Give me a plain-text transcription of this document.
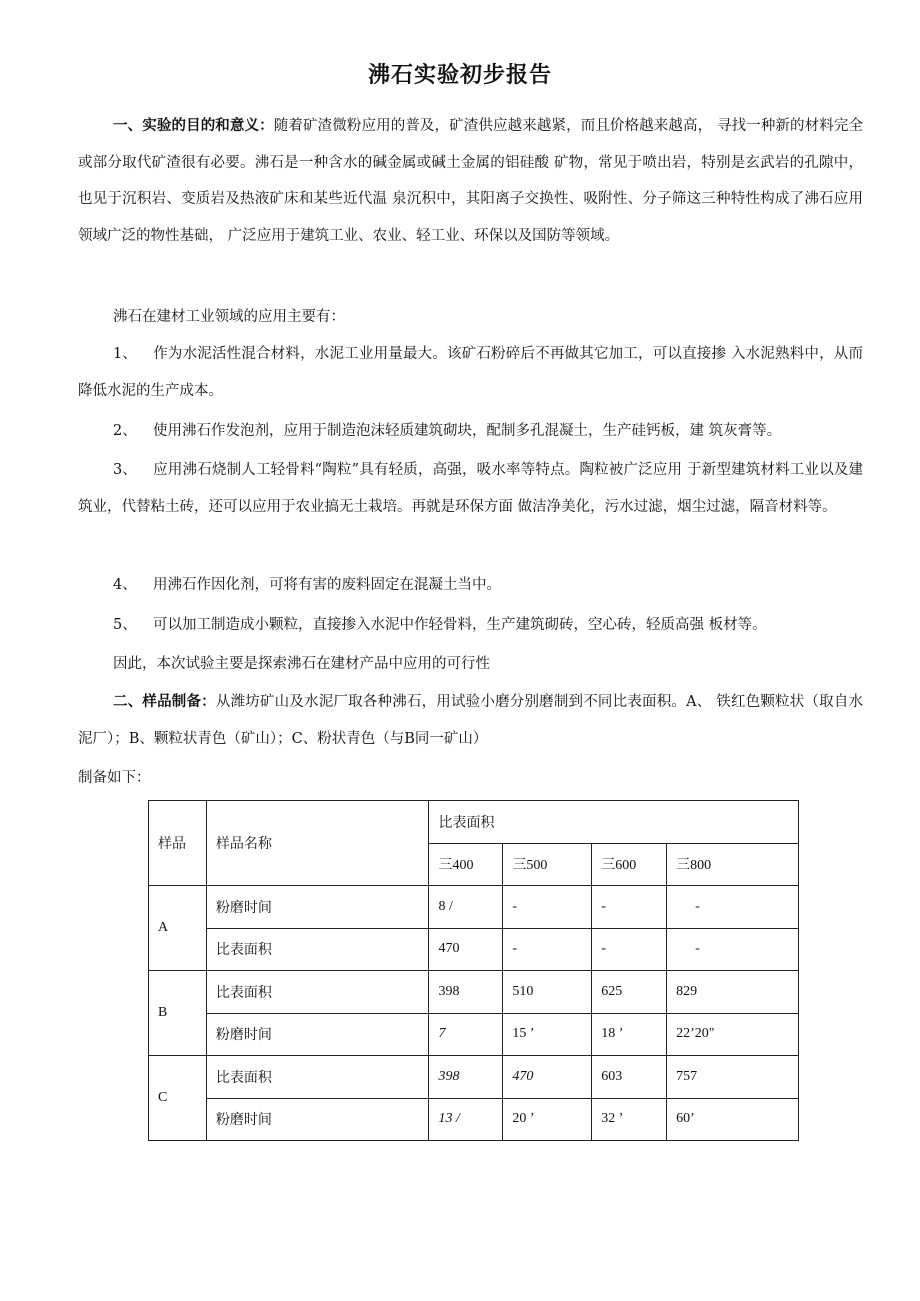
沸石实验初步报告
一、实验的目的和意义：随着矿渣微粉应用的普及，矿渣供应越来越紧，而且价格越来越高， 寻找一种新的材料完全或部分取代矿渣很有必要。沸石是一种含水的碱金属或碱土金属的铝硅酸 矿物，常见于喷出岩，特别是玄武岩的孔隙中，也见于沉积岩、变质岩及热液矿床和某些近代温 泉沉积中，其阳离子交换性、吸附性、分子筛这三种特性构成了沸石应用领域广泛的物性基础， 广泛应用于建筑工业、农业、轻工业、环保以及国防等领域。
沸石在建材工业领域的应用主要有：
1、 作为水泥活性混合材料，水泥工业用量最大。该矿石粉碎后不再做其它加工，可以直接掺 入水泥熟料中，从而降低水泥的生产成本。
2、 使用沸石作发泡剂，应用于制造泡沫轻质建筑砌块，配制多孔混凝土，生产硅钙板，建 筑灰膏等。
3、 应用沸石烧制人工轻骨料“陶粒”具有轻质，高强，吸水率等特点。陶粒被广泛应用 于新型建筑材料工业以及建筑业，代替粘土砖，还可以应用于农业搞无土栽培。再就是环保方面 做洁净美化，污水过滤，烟尘过滤，隔音材料等。
4、 用沸石作因化剂，可将有害的废料固定在混凝土当中。
5、 可以加工制造成小颗粒，直接掺入水泥中作轻骨料，生产建筑砌砖，空心砖，轻质高强 板材等。
因此，本次试验主要是探索沸石在建材产品中应用的可行性
二、样品制备：从潍坊矿山及水泥厂取各种沸石，用试验小磨分别磨制到不同比表面积。A、 铁红色颗粒状（取自水泥厂）；B、颗粒状青色（矿山）；C、粉状青色（与B同一矿山）
制备如下：
样品	样品名称	比表面积			
		三400	三500	三600	三800
A	粉磨时间	8 /	-	-	-
	比表面积	470	-	-	-
B	比表面积	398	510	625	829
	粉磨时间	7	15 ’	18 ’	22’20"
C	比表面积	398	470	603	757
	粉磨时间	13 /	20 ’	32 ’	60’
